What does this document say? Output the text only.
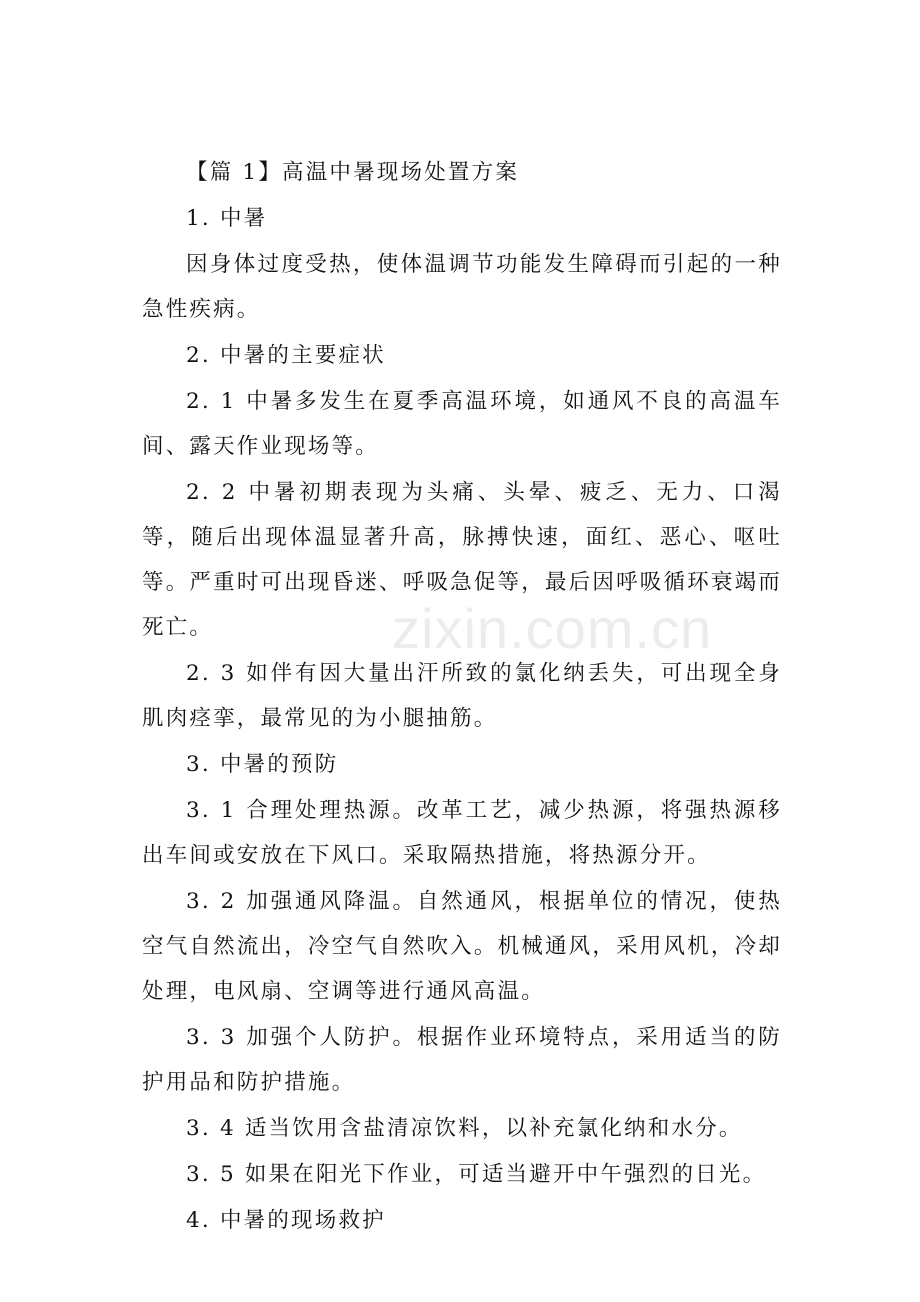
【篇 1】高温中暑现场处置方案

1. 中暑

因身体过度受热，使体温调节功能发生障碍而引起的一种急性疾病。

2. 中暑的主要症状

2. 1 中暑多发生在夏季高温环境，如通风不良的高温车间、露天作业现场等。

2. 2 中暑初期表现为头痛、头晕、疲乏、无力、口渴等，随后出现体温显著升高，脉搏快速，面红、恶心、呕吐等。严重时可出现昏迷、呼吸急促等，最后因呼吸循环衰竭而死亡。

2. 3 如伴有因大量出汗所致的氯化纳丢失，可出现全身肌肉痉挛，最常见的为小腿抽筋。

3. 中暑的预防

3. 1 合理处理热源。改革工艺，减少热源，将强热源移出车间或安放在下风口。采取隔热措施，将热源分开。

3. 2 加强通风降温。自然通风，根据单位的情况，使热空气自然流出，冷空气自然吹入。机械通风，采用风机，冷却处理，电风扇、空调等进行通风高温。

3. 3 加强个人防护。根据作业环境特点，采用适当的防护用品和防护措施。

3. 4 适当饮用含盐清凉饮料，以补充氯化纳和水分。

3. 5 如果在阳光下作业，可适当避开中午强烈的日光。

4. 中暑的现场救护

zixin.com.cn
